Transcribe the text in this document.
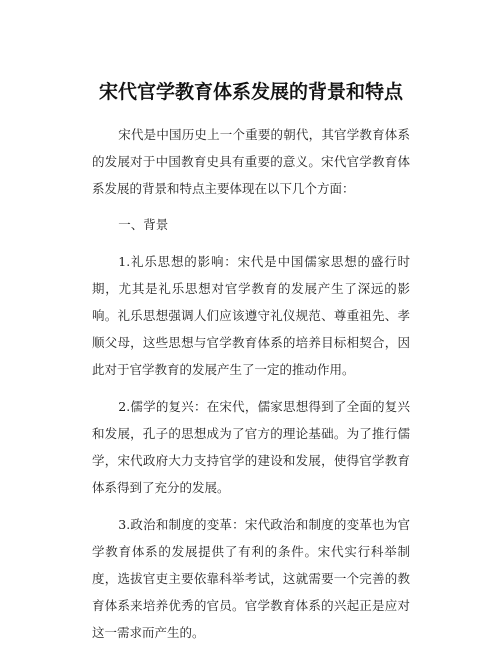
宋代官学教育体系发展的背景和特点

宋代是中国历史上一个重要的朝代，其官学教育体系的发展对于中国教育史具有重要的意义。宋代官学教育体系发展的背景和特点主要体现在以下几个方面：

一、背景

1.礼乐思想的影响：宋代是中国儒家思想的盛行时期，尤其是礼乐思想对官学教育的发展产生了深远的影响。礼乐思想强调人们应该遵守礼仪规范、尊重祖先、孝顺父母，这些思想与官学教育体系的培养目标相契合，因此对于官学教育的发展产生了一定的推动作用。

2.儒学的复兴：在宋代，儒家思想得到了全面的复兴和发展，孔子的思想成为了官方的理论基础。为了推行儒学，宋代政府大力支持官学的建设和发展，使得官学教育体系得到了充分的发展。

3.政治和制度的变革：宋代政治和制度的变革也为官学教育体系的发展提供了有利的条件。宋代实行科举制度，选拔官吏主要依靠科举考试，这就需要一个完善的教育体系来培养优秀的官员。官学教育体系的兴起正是应对这一需求而产生的。
